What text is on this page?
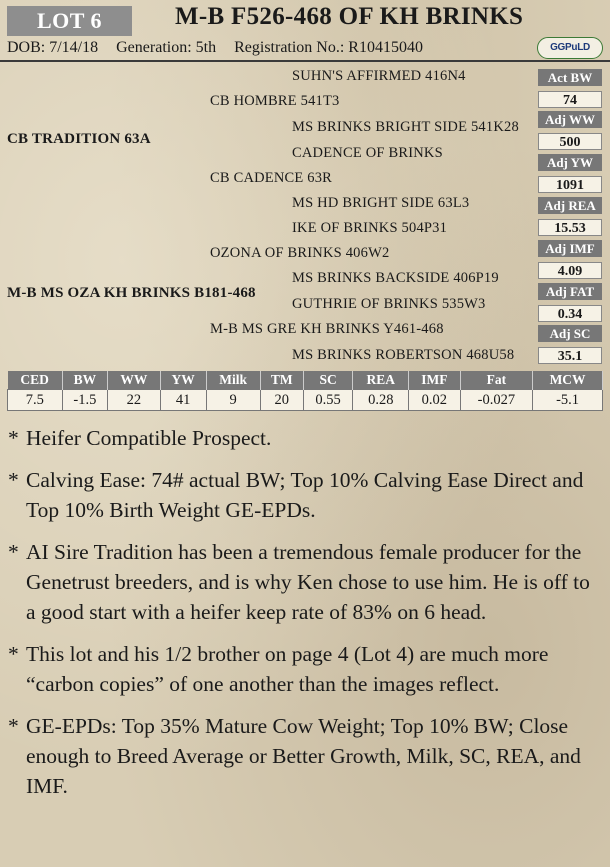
LOT 6	M-B F526-468 OF KH BRINKS
DOB: 7/14/18 Generation: 5th Registration No.: R10415040	GGPuLD
SUHN'S AFFIRMED 416N4
CB HOMBRE 541T3
MS BRINKS BRIGHT SIDE 541K28
CB TRADITION 63A
CADENCE OF BRINKS
CB CADENCE 63R
MS HD BRIGHT SIDE 63L3
IKE OF BRINKS 504P31
OZONA OF BRINKS 406W2
MS BRINKS BACKSIDE 406P19
M-B MS OZA KH BRINKS B181-468
GUTHRIE OF BRINKS 535W3
M-B MS GRE KH BRINKS Y461-468
MS BRINKS ROBERTSON 468U58
Act BW
74
Adj WW
500
Adj YW
1091
Adj REA
15.53
Adj IMF
4.09
Adj FAT
0.34
Adj SC
35.1
CED	BW	WW	YW	Milk	TM	SC	REA	IMF	Fat	MCW
7.5	-1.5	22	41	9	20	0.55	0.28	0.02	-0.027	-5.1
* Heifer Compatible Prospect.
* Calving Ease: 74# actual BW; Top 10% Calving Ease Direct and Top 10% Birth Weight GE-EPDs.
* AI Sire Tradition has been a tremendous female producer for the Genetrust breeders, and is why Ken chose to use him. He is off to a good start with a heifer keep rate of 83% on 6 head.
* This lot and his 1/2 brother on page 4 (Lot 4) are much more “carbon copies” of one another than the images reflect.
* GE-EPDs: Top 35% Mature Cow Weight; Top 10% BW; Close enough to Breed Average or Better Growth, Milk, SC, REA, and IMF.
